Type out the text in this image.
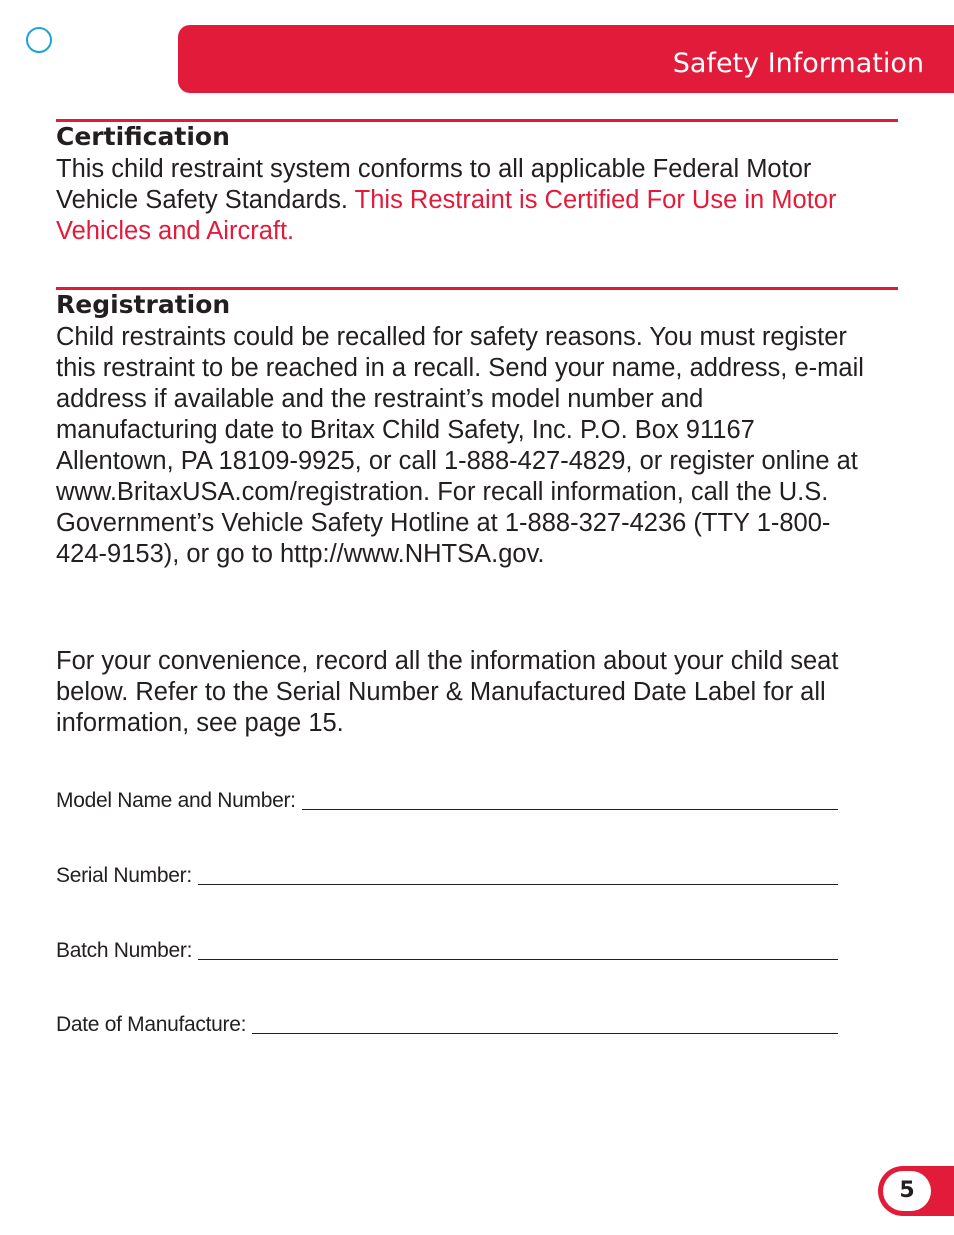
Safety Information
Certification

This child restraint system conforms to all applicable Federal Motor Vehicle Safety Standards. This Restraint is Certified For Use in Motor Vehicles and Aircraft.

Registration

Child restraints could be recalled for safety reasons. You must register this restraint to be reached in a recall. Send your name, address, e-mail address if available and the restraint’s model number and manufacturing date to Britax Child Safety, Inc. P.O. Box 91167 Allentown, PA 18109-9925, or call 1-888-427-4829, or register online at www.BritaxUSA.com/registration. For recall information, call the U.S. Government’s Vehicle Safety Hotline at 1-888-327-4236 (TTY 1-800-424-9153), or go to http://www.NHTSA.gov.

For your convenience, record all the information about your child seat below. Refer to the Serial Number & Manufactured Date Label for all information, see page 15.

Model Name and Number:
Serial Number:
Batch Number:
Date of Manufacture:
5
